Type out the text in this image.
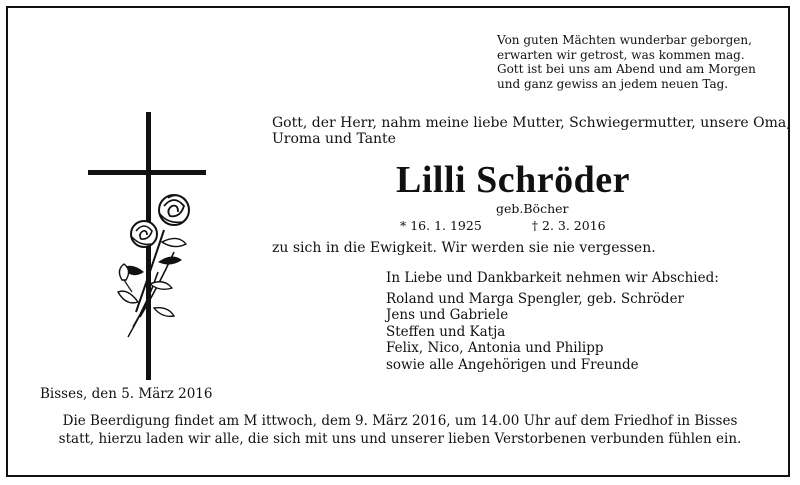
Von guten Mächten wunderbar geborgen,
erwarten wir getrost, was kommen mag.
Gott ist bei uns am Abend und am Morgen
und ganz gewiss an jedem neuen Tag.
Gott, der Herr, nahm meine liebe Mutter, Schwiegermutter, unsere Oma, Uroma und Tante
Lilli Schröder
geb.Böcher
* 16. 1. 1925	† 2. 3. 2016
zu sich in die Ewigkeit. Wir werden sie nie vergessen.
In Liebe und Dankbarkeit nehmen wir Abschied:
Roland und Marga Spengler, geb. Schröder
Jens und Gabriele
Steffen und Katja
Felix, Nico, Antonia und Philipp
sowie alle Angehörigen und Freunde
Bisses, den 5. März 2016
Die Beerdigung findet am M ittwoch, dem 9. März 2016, um 14.00 Uhr auf dem Friedhof in Bisses
statt, hierzu laden wir alle, die sich mit uns und unserer lieben Verstorbenen verbunden fühlen ein.
